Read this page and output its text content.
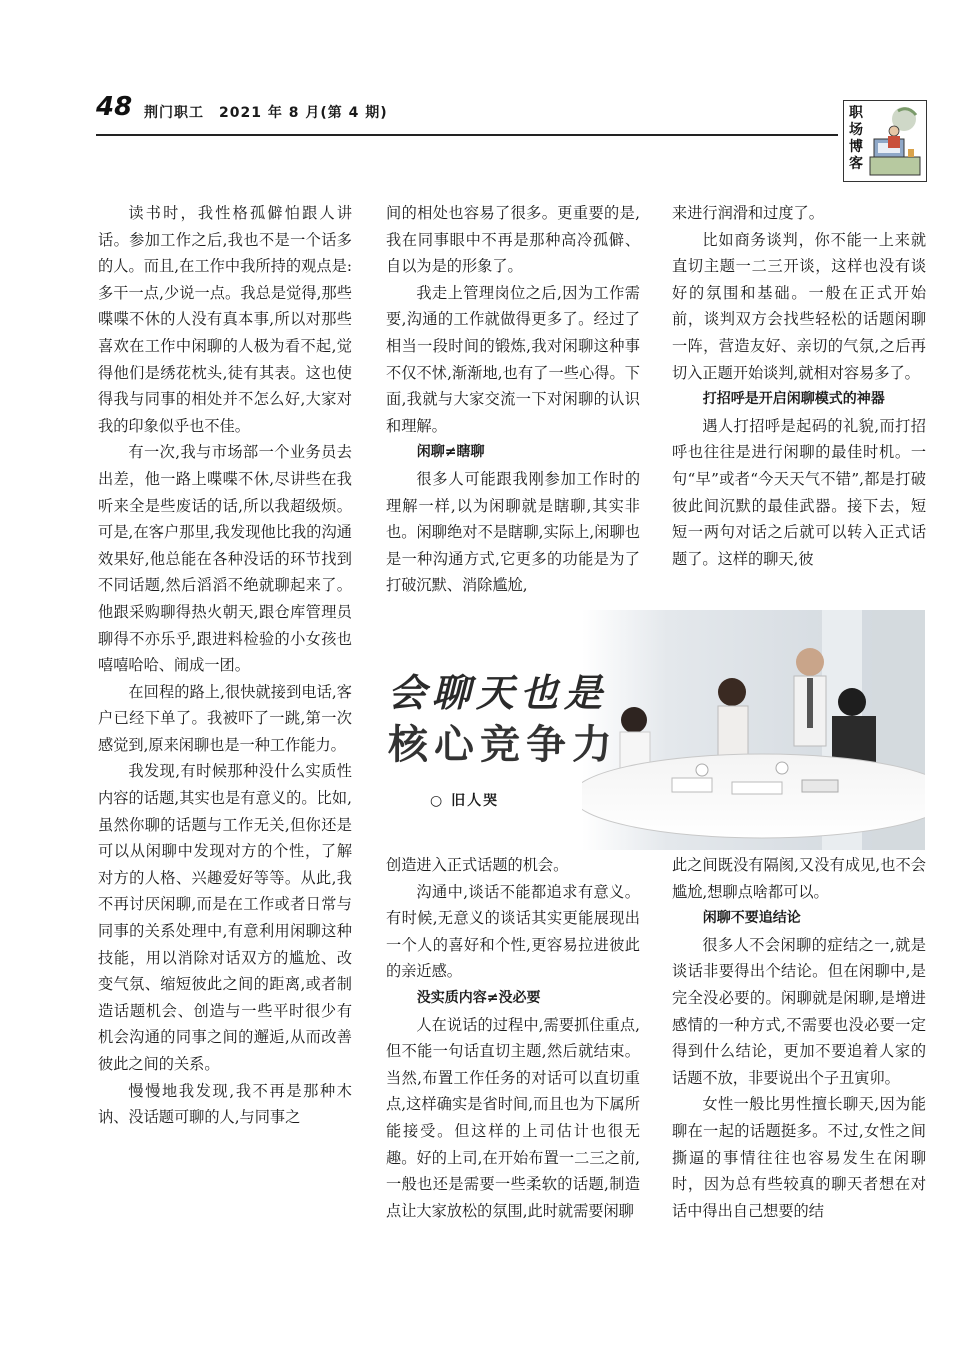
48 荆门职工　2021 年 8 月(第 4 期)	职
场
博
客

读书时，我性格孤僻怕跟人讲话。参加工作之后,我也不是一个话多的人。而且,在工作中我所持的观点是:多干一点,少说一点。我总是觉得,那些喋喋不休的人没有真本事,所以对那些喜欢在工作中闲聊的人极为看不起,觉得他们是绣花枕头,徒有其表。这也使得我与同事的相处并不怎么好,大家对我的印象似乎也不佳。

有一次,我与市场部一个业务员去出差，他一路上喋喋不休,尽讲些在我听来全是些废话的话,所以我超级烦。可是,在客户那里,我发现他比我的沟通效果好,他总能在各种没话的环节找到不同话题,然后滔滔不绝就聊起来了。他跟采购聊得热火朝天,跟仓库管理员聊得不亦乐乎,跟进料检验的小女孩也嘻嘻哈哈、闹成一团。

在回程的路上,很快就接到电话,客户已经下单了。我被吓了一跳,第一次感觉到,原来闲聊也是一种工作能力。

我发现,有时候那种没什么实质性内容的话题,其实也是有意义的。比如,虽然你聊的话题与工作无关,但你还是可以从闲聊中发现对方的个性，了解对方的人格、兴趣爱好等等。从此,我不再讨厌闲聊,而是在工作或者日常与同事的关系处理中,有意利用闲聊这种技能，用以消除对话双方的尴尬、改变气氛、缩短彼此之间的距离,或者制造话题机会、创造与一些平时很少有机会沟通的同事之间的邂逅,从而改善彼此之间的关系。

慢慢地我发现,我不再是那种木讷、没话题可聊的人,与同事之

间的相处也容易了很多。更重要的是,我在同事眼中不再是那种高冷孤僻、自以为是的形象了。

我走上管理岗位之后,因为工作需要,沟通的工作就做得更多了。经过了相当一段时间的锻炼,我对闲聊这种事不仅不怵,渐渐地,也有了一些心得。下面,我就与大家交流一下对闲聊的认识和理解。

闲聊≠瞎聊

很多人可能跟我刚参加工作时的理解一样,以为闲聊就是瞎聊,其实非也。闲聊绝对不是瞎聊,实际上,闲聊也是一种沟通方式,它更多的功能是为了打破沉默、消除尴尬,

来进行润滑和过度了。

比如商务谈判，你不能一上来就直切主题一二三开谈，这样也没有谈好的氛围和基础。一般在正式开始前，谈判双方会找些轻松的话题闲聊一阵，营造友好、亲切的气氛,之后再切入正题开始谈判,就相对容易多了。

打招呼是开启闲聊模式的神器

遇人打招呼是起码的礼貌,而打招呼也往往是进行闲聊的最佳时机。一句“早”或者“今天天气不错”,都是打破彼此间沉默的最佳武器。接下去，短短一两句对话之后就可以转入正式话题了。这样的聊天,彼

会聊天也是
核心竞争力
○ 旧人哭

创造进入正式话题的机会。

沟通中,谈话不能都追求有意义。有时候,无意义的谈话其实更能展现出一个人的喜好和个性,更容易拉进彼此的亲近感。

没实质内容≠没必要

人在说话的过程中,需要抓住重点,但不能一句话直切主题,然后就结束。当然,布置工作任务的对话可以直切重点,这样确实是省时间,而且也为下属所能接受。但这样的上司估计也很无趣。好的上司,在开始布置一二三之前,一般也还是需要一些柔软的话题,制造点让大家放松的氛围,此时就需要闲聊

此之间既没有隔阂,又没有成见,也不会尴尬,想聊点啥都可以。

闲聊不要追结论

很多人不会闲聊的症结之一,就是谈话非要得出个结论。但在闲聊中,是完全没必要的。闲聊就是闲聊,是增进感情的一种方式,不需要也没必要一定得到什么结论，更加不要追着人家的话题不放，非要说出个子丑寅卯。

女性一般比男性擅长聊天,因为能聊在一起的话题挺多。不过,女性之间撕逼的事情往往也容易发生在闲聊时，因为总有些较真的聊天者想在对话中得出自己想要的结
